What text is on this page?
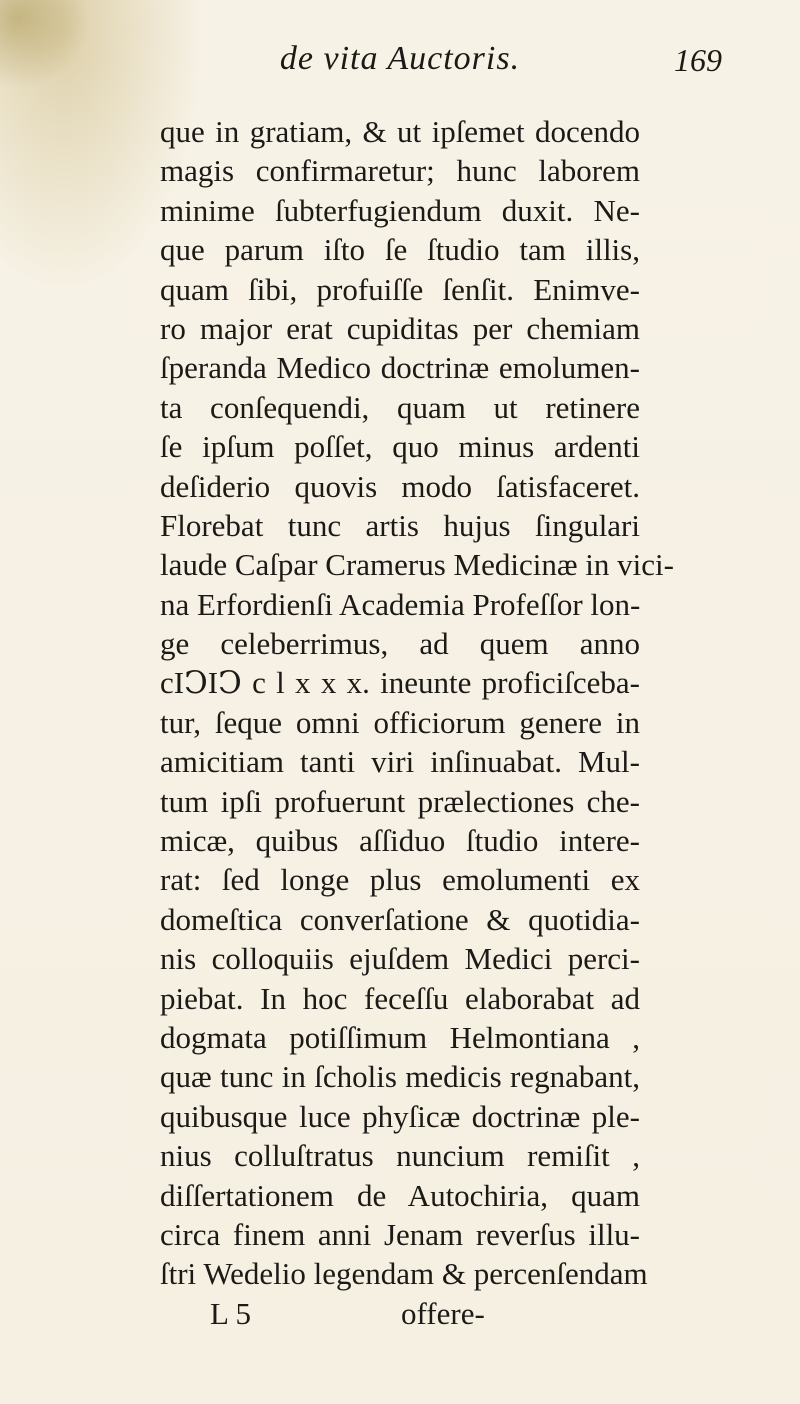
de vita Auctoris.	169
que in gratiam, & ut ipſemet docendo
magis confirmaretur; hunc laborem
minime ſubterfugiendum duxit. Ne-
que parum iſto ſe ſtudio tam illis,
quam ſibi, profuiſſe ſenſit. Enimve-
ro major erat cupiditas per chemiam
ſperanda Medico doctrinæ emolumen-
ta conſequendi, quam ut retinere
ſe ipſum poſſet, quo minus ardenti
deſiderio quovis modo ſatisfaceret.
Florebat tunc artis hujus ſingulari
laude Caſpar Cramerus Medicinæ in vici-
na Erfordienſi Academia Profeſſor lon-
ge celeberrimus, ad quem anno
cIↃIↃ c l x x x. ineunte proficiſceba-
tur, ſeque omni officiorum genere in
amicitiam tanti viri inſinuabat. Mul-
tum ipſi profuerunt prælectiones che-
micæ, quibus aſſiduo ſtudio intere-
rat: ſed longe plus emolumenti ex
domeſtica converſatione & quotidia-
nis colloquiis ejuſdem Medici perci-
piebat. In hoc feceſſu elaborabat ad
dogmata potiſſimum Helmontiana ,
quæ tunc in ſcholis medicis regnabant,
quibusque luce phyſicæ doctrinæ ple-
nius colluſtratus nuncium remiſit ,
diſſertationem de Autochiria, quam
circa finem anni Jenam reverſus illu-
ſtri Wedelio legendam & percenſendam
L 5	offere-
